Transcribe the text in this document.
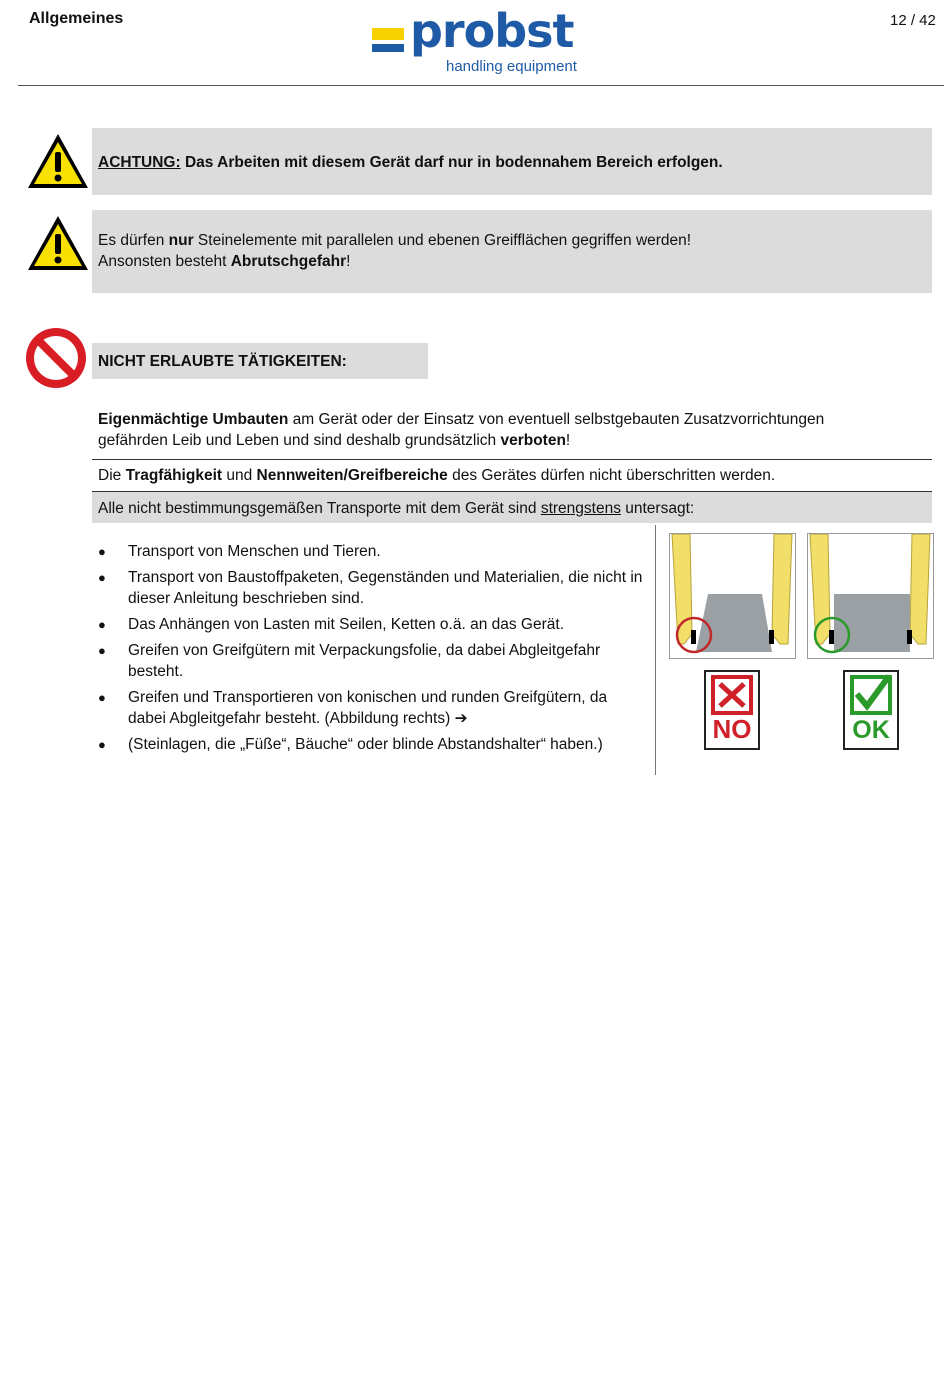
Allgemeines	12 / 42
probst
handling equipment
ACHTUNG: Das Arbeiten mit diesem Gerät darf nur in bodennahem Bereich erfolgen.
Es dürfen nur Steinelemente mit parallelen und ebenen Greifflächen gegriffen werden!
Ansonsten besteht Abrutschgefahr!
NICHT ERLAUBTE TÄTIGKEITEN:
Eigenmächtige Umbauten am Gerät oder der Einsatz von eventuell selbstgebauten Zusatzvorrichtungen gefährden Leib und Leben und sind deshalb grundsätzlich verboten!
Die Tragfähigkeit und Nennweiten/Greifbereiche des Gerätes dürfen nicht überschritten werden.
Alle nicht bestimmungsgemäßen Transporte mit dem Gerät sind strengstens untersagt:
● Transport von Menschen und Tieren.
● Transport von Baustoffpaketen, Gegenständen und Materialien, die nicht in dieser Anleitung beschrieben sind.
● Das Anhängen von Lasten mit Seilen, Ketten o.ä. an das Gerät.
● Greifen von Greifgütern mit Verpackungsfolie, da dabei Abgleitgefahr besteht.
● Greifen und Transportieren von konischen und runden Greifgütern, da dabei Abgleitgefahr besteht. (Abbildung rechts) ➔
● (Steinlagen, die „Füße“, Bäuche“ oder blinde Abstandshalter“ haben.)
NO	OK
